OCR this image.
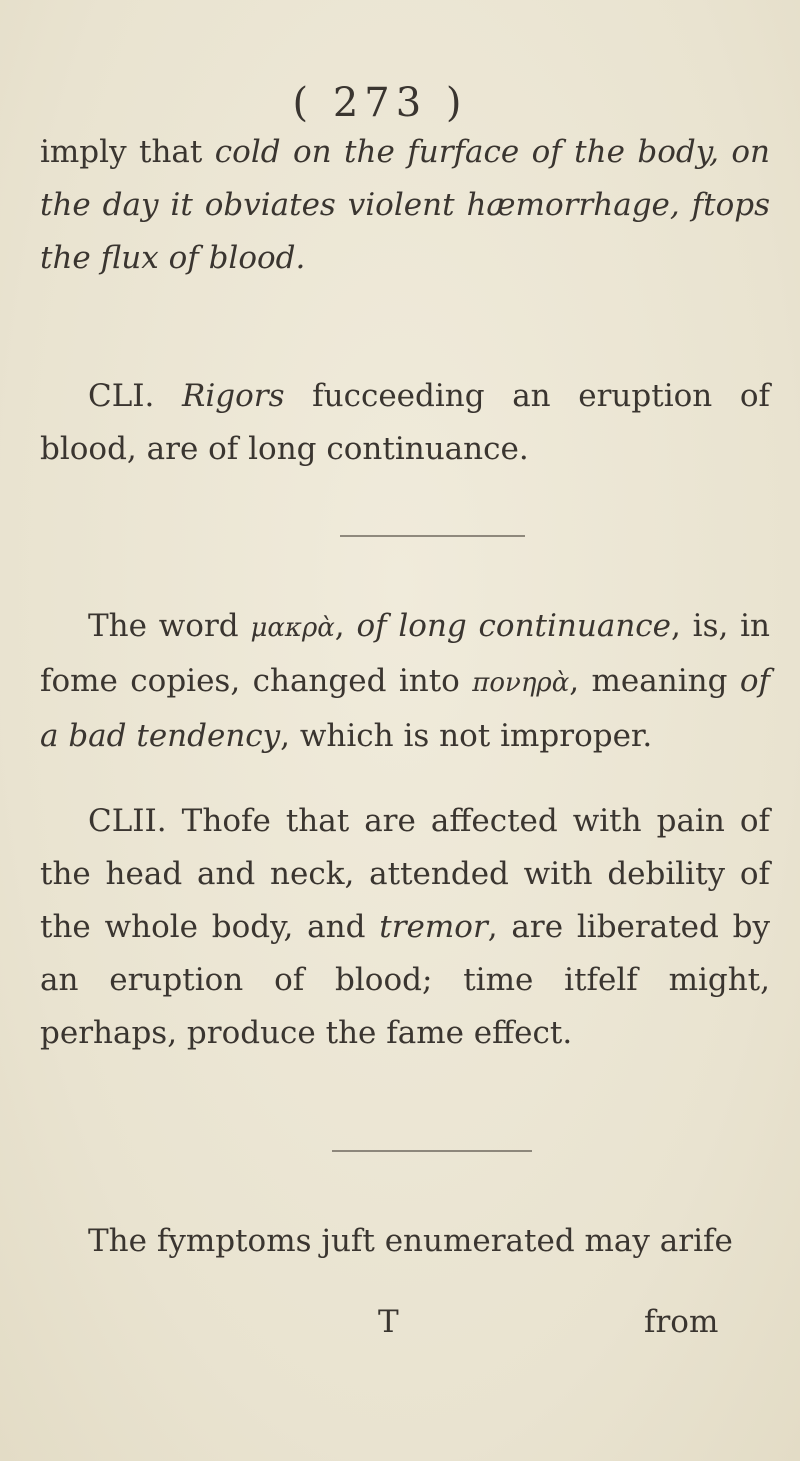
( 273 )

imply that cold on the furface of the body, on the day it obviates violent hæmorrhage, ftops the flux of blood.

CLI. Rigors fucceeding an eruption of blood, are of long continuance.

The word μακρὰ, of long continuance, is, in fome copies, changed into πονηρὰ, meaning of a bad tendency, which is not improper.

CLII. Thofe that are affected with pain of the head and neck, attended with debility of the whole body, and tremor, are liberated by an eruption of blood; time itfelf might, perhaps, produce the fame effect.

The fymptoms juft enumerated may arife

T	from
